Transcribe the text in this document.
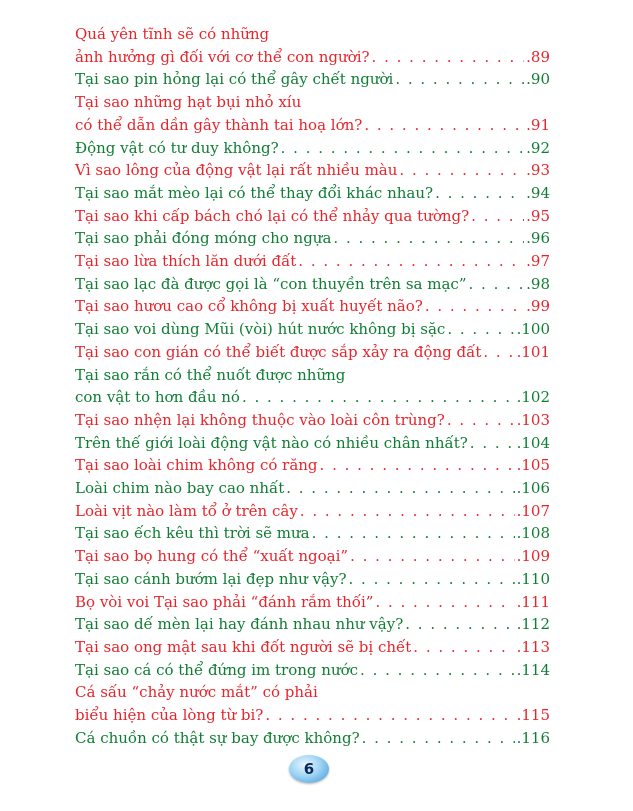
Quá yên tĩnh sẽ có những
ảnh hưởng gì đối với cơ thể con người? . . .	.89
Tại sao pin hỏng lại có thể gây chết người . . .	.90
Tại sao những hạt bụi nhỏ xíu
có thể dẫn dần gây thành tai hoạ lớn? . . .	.91
Động vật có tư duy không? . . .	.92
Vì sao lông của động vật lại rất nhiều màu . . .	.93
Tại sao mắt mèo lại có thể thay đổi khác nhau? . . .	.94
Tại sao khi cấp bách chó lại có thể nhảy qua tường? . . .	.95
Tại sao phải đóng móng cho ngựa . . .	.96
Tại sao lừa thích lăn dưới đất . . .	.97
Tại sao lạc đà được gọi là “con thuyền trên sa mạc” . . .	.98
Tại sao hươu cao cổ không bị xuất huyết não? . . .	.99
Tại sao voi dùng Mũi (vòi) hút nước không bị sặc . . .	.100
Tại sao con gián có thể biết được sắp xảy ra động đất . . . .101
Tại sao rắn có thể nuốt được những
con vật to hơn đầu nó . . .	.102
Tại sao nhện lại không thuộc vào loài côn trùng? . . .	.103
Trên thế giới loài động vật nào có nhiều chân nhất? . . .	.104
Tại sao loài chim không có răng . . .	.105
Loài chim nào bay cao nhất . . .	.106
Loài vịt nào làm tổ ở trên cây . . .	.107
Tại sao ếch kêu thì trời sẽ mưa . . .	.108
Tại sao bọ hung có thể “xuất ngoại” . . .	.109
Tại sao cánh bướm lại đẹp như vậy? . . .	.110
Bọ vòi voi Tại sao phải “đánh rắm thối” . . .	.111
Tại sao dế mèn lại hay đánh nhau như vậy? . . .	.112
Tại sao ong mật sau khi đốt người sẽ bị chết . . .	.113
Tại sao cá có thể đứng im trong nước . . .	.114
Cá sấu “chảy nước mắt” có phải
biểu hiện của lòng từ bi? . . .	.115
Cá chuồn có thật sự bay được không? . . .	.116
6
